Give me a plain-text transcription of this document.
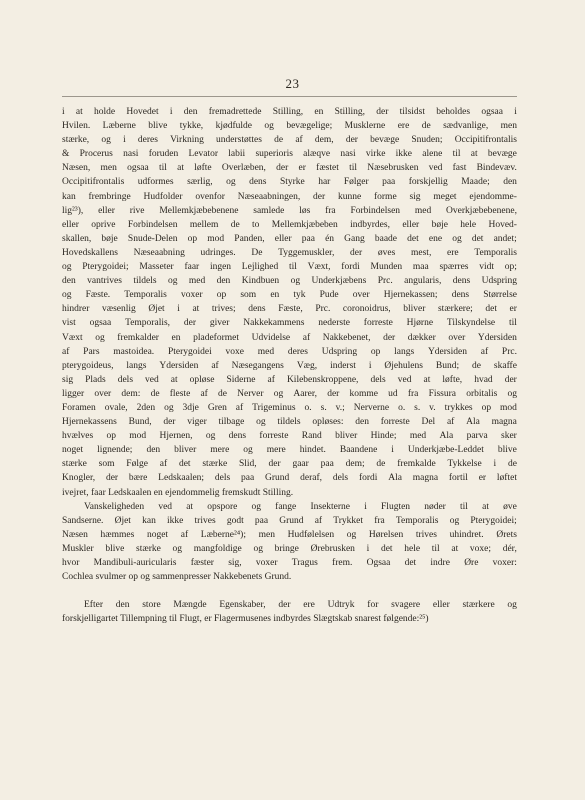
23
i at holde Hovedet i den fremadrettede Stilling, en Stilling, der tilsidst beholdes ogsaa i
Hvilen. Læberne blive tykke, kjødfulde og bevægelige; Musklerne ere de sædvanlige, men
stærke, og i deres Virkning understøttes de af dem, der bevæge Snuden; Occipitifrontalis
& Procerus nasi foruden Levator labii superioris alæqve nasi virke ikke alene til at bevæge
Næsen, men ogsaa til at løfte Overlæben, der er fæstet til Næsebrusken ved fast Bindevæv.
Occipitifrontalis udformes særlig, og dens Styrke har Følger paa forskjellig Maade; den
kan frembringe Hudfolder ovenfor Næseaabningen, der kunne forme sig meget ejendomme-
lig²³), eller rive Mellemkjæbebenene samlede løs fra Forbindelsen med Overkjæbebenene,
eller oprive Forbindelsen mellem de to Mellemkjæbeben indbyrdes, eller bøje hele Hoved-
skallen, bøje Snude-Delen op mod Panden, eller paa én Gang baade det ene og det andet;
Hovedskallens Næseaabning udringes. De Tyggemuskler, der øves mest, ere Temporalis
og Pterygoidei; Masseter faar ingen Lejlighed til Væxt, fordi Munden maa spærres vidt op;
den vantrives tildels og med den Kindbuen og Underkjæbens Prc. angularis, dens Udspring
og Fæste. Temporalis voxer op som en tyk Pude over Hjernekassen; dens Størrelse
hindrer væsenlig Øjet i at trives; dens Fæste, Prc. coronoidrus, bliver stærkere; det er
vist ogsaa Temporalis, der giver Nakkekammens nederste forreste Hjørne Tilskyndelse til
Væxt og fremkalder en pladeformet Udvidelse af Nakkebenet, der dækker over Ydersiden
af Pars mastoidea. Pterygoidei voxe med deres Udspring op langs Ydersiden af Prc.
pterygoideus, langs Ydersiden af Næsegangens Væg, inderst i Øjehulens Bund; de skaffe
sig Plads dels ved at opløse Siderne af Kilebenskroppene, dels ved at løfte, hvad der
ligger over dem: de fleste af de Nerver og Aarer, der komme ud fra Fissura orbitalis og
Foramen ovale, 2den og 3dje Gren af Trigeminus o. s. v.; Nerverne o. s. v. trykkes op mod
Hjernekassens Bund, der viger tilbage og tildels opløses: den forreste Del af Ala magna
hvælves op mod Hjernen, og dens forreste Rand bliver Hinde; med Ala parva sker
noget lignende; den bliver mere og mere hindet. Baandene i Underkjæbe-Leddet blive
stærke som Følge af det stærke Slid, der gaar paa dem; de fremkalde Tykkelse i de
Knogler, der bære Ledskaalen; dels paa Grund deraf, dels fordi Ala magna fortil er løftet
ivejret, faar Ledskaalen en ejendommelig fremskudt Stilling.
Vanskeligheden ved at opspore og fange Insekterne i Flugten nøder til at øve
Sandserne. Øjet kan ikke trives godt paa Grund af Trykket fra Temporalis og Pterygoidei;
Næsen hæmmes noget af Læberne²⁴); men Hudfølelsen og Hørelsen trives uhindret. Ørets
Muskler blive stærke og mangfoldige og bringe Ørebrusken i det hele til at voxe; dér,
hvor Mandibuli-auricularis fæster sig, voxer Tragus frem. Ogsaa det indre Øre voxer:
Cochlea svulmer op og sammenpresser Nakkebenets Grund.
Efter den store Mængde Egenskaber, der ere Udtryk for svagere eller stærkere og
forskjelligartet Tillempning til Flugt, er Flagermusenes indbyrdes Slægtskab snarest følgende:²⁵)
